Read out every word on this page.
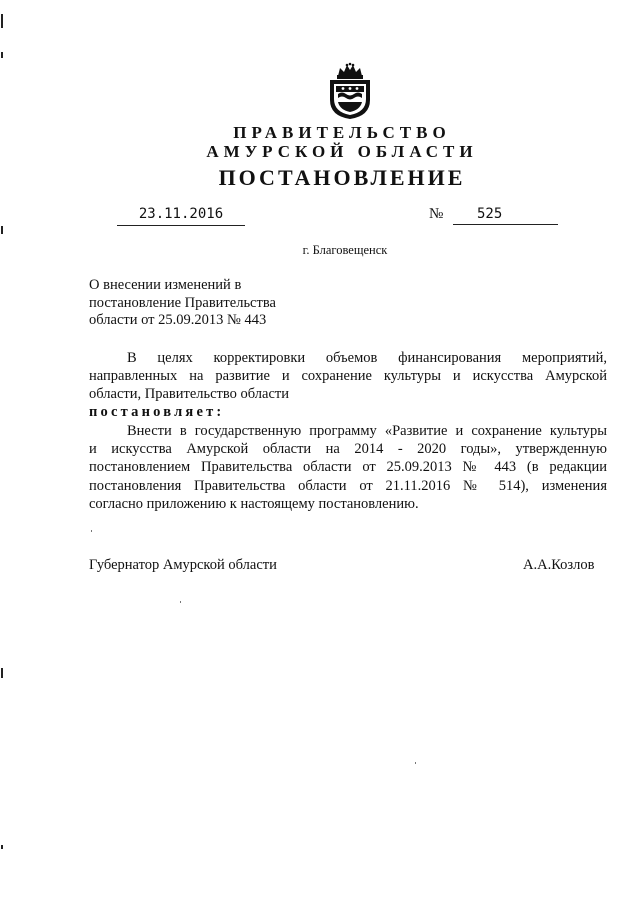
ПРАВИТЕЛЬСТВО
АМУРСКОЙ ОБЛАСТИ
ПОСТАНОВЛЕНИЕ
23.11.2016	№	525
г. Благовещенск
О внесении изменений в
постановление Правительства
области от 25.09.2013 № 443
В целях корректировки объемов финансирования мероприятий,
направленных на развитие и сохранение культуры и искусства Амурской
области, Правительство области
постановляет:
Внести в государственную программу «Развитие и сохранение культуры
и искусства Амурской области на 2014 - 2020 годы», утвержденную
постановлением Правительства области от 25.09.2013 № 443 (в редакции
постановления Правительства области от 21.11.2016 № 514), изменения
согласно приложению к настоящему постановлению.
Губернатор Амурской области	А.А.Козлов
